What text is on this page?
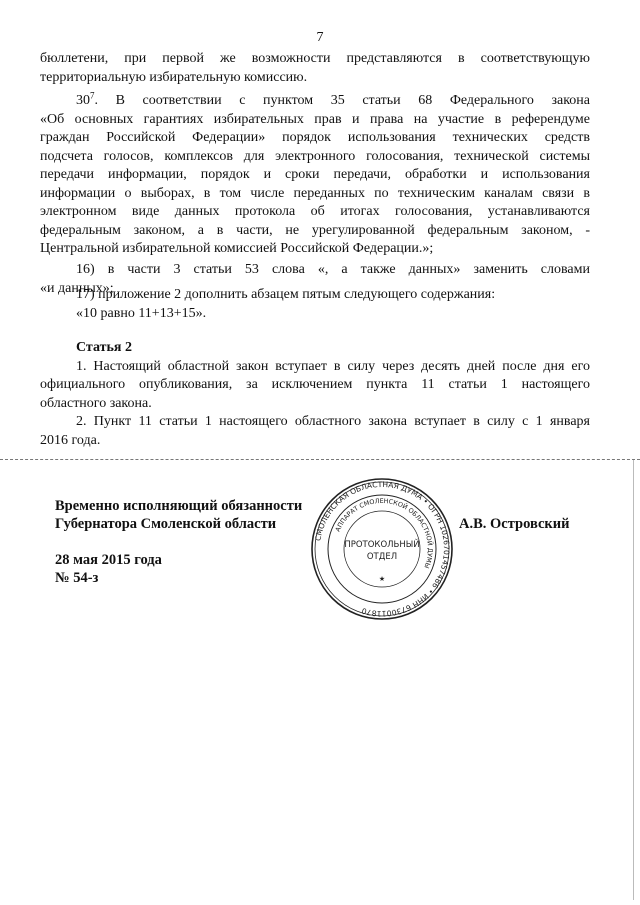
7
бюллетени, при первой же возможности представляются в соответствующую
территориальную избирательную комиссию.
$30^7$. В соответствии с пунктом 35 статьи 68 Федерального закона
«Об основных гарантиях избирательных прав и права на участие в референдуме
граждан Российской Федерации» порядок использования технических средств
подсчета голосов, комплексов для электронного голосования, технической системы
передачи информации, порядок и сроки передачи, обработки и использования
информации о выборах, в том числе переданных по техническим каналам связи в
электронном виде данных протокола об итогах голосования, устанавливаются
федеральным законом, а в части, не урегулированной федеральным законом, -
Центральной избирательной комиссией Российской Федерации.»;
16) в части 3 статьи 53 слова «, а также данных» заменить словами
«и данных»;
17) приложение 2 дополнить абзацем пятым следующего содержания:
«10 равно 11+13+15».
Статья 2
1. Настоящий областной закон вступает в силу через десять дней после дня его
официального опубликования, за исключением пункта 11 статьи 1 настоящего
областного закона.
2. Пункт 11 статьи 1 настоящего областного закона вступает в силу с 1 января
2016 года.
Временно исполняющий обязанности
Губернатора Смоленской области	А.В. Островский
28 мая 2015 года
№ 54-з
СМОЛЕНСКАЯ ОБЛАСТНАЯ ДУМА • ОГРН 1026701457486 • ИНН 6730011870
АППАРАТ СМОЛЕНСКОЙ ОБЛАСТНОЙ ДУМЫ
ПРОТОКОЛЬНЫЙ
ОТДЕЛ
★
